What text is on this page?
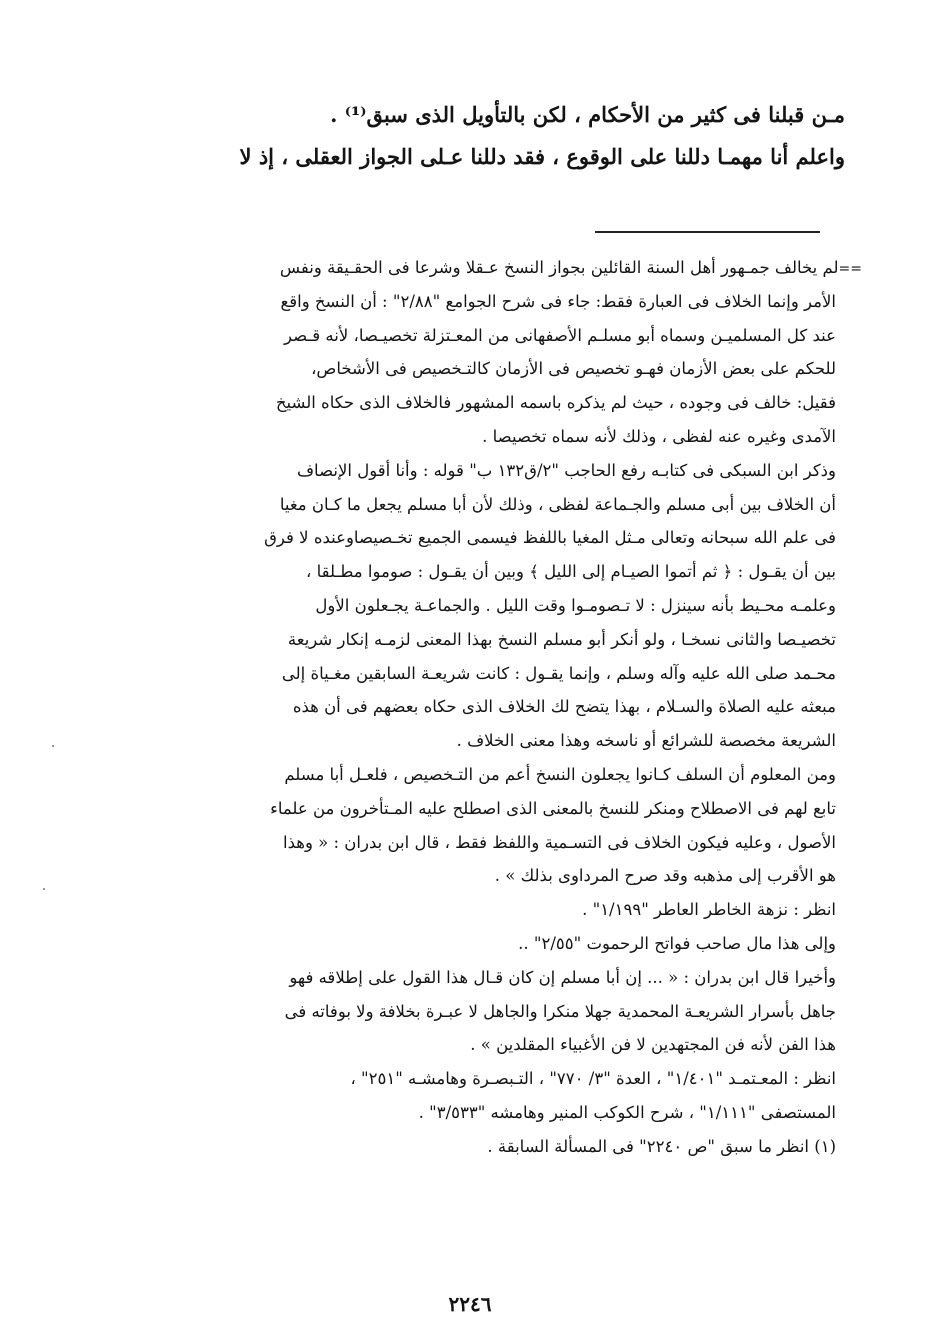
مـن قبلنا فى كثير من الأحكام ، لكن بالتأويل الذى سبق⁽¹⁾ .
واعلم أنا مهمـا دللنا على الوقوع ، فقد دللنا عـلى الجواز العقلى ، إذ لا
==لم يخالف جمـهور أهل السنة القائلين بجواز النسخ عـقلا وشرعا فى الحقـيقة ونفس
الأمر وإنما الخلاف فى العبارة فقط: جاء فى شرح الجوامع "٢/٨٨" : أن النسخ واقع
عند كل المسلميـن وسماه أبو مسلـم الأصفهانى من المعـتزلة تخصيـصا، لأنه قـصر
للحكم على بعض الأزمان فهـو تخصيص فى الأزمان كالتـخصيص فى الأشخاص،
فقيل: خالف فى وجوده ، حيث لم يذكره باسمه المشهور فالخلاف الذى حكاه الشيخ
الآمدى وغيره عنه لفظى ، وذلك لأنه سماه تخصيصا .
وذكر ابن السبكى فى كتابـه رفع الحاجب "٢/ق١٣٢ ب" قوله : وأنا أقول الإنصاف
أن الخلاف بين أبى مسلم والجـماعة لفظى ، وذلك لأن أبا مسلم يجعل ما كـان مغيا
فى علم الله سبحانه وتعالى مـثل المغيا باللفظ فيسمى الجميع تخـصيصاوعنده لا فرق
بين أن يقـول : ﴿ ثم أتموا الصيـام إلى الليل ﴾ وبين أن يقـول : صوموا مطـلقا ،
وعلمـه محـيط بأنه سينزل : لا تـصومـوا وقت الليل . والجماعـة يجـعلون الأول
تخصيـصا والثانى نسخـا ، ولو أنكر أبو مسلم النسخ بهذا المعنى لزمـه إنكار شريعة
محـمد صلى الله عليه وآله وسلم ، وإنما يقـول : كانت شريعـة السابقين مغـياة إلى
مبعثه عليه الصلاة والسـلام ، بهذا يتضح لك الخلاف الذى حكاه بعضهم فى أن هذه
الشريعة مخصصة للشرائع أو ناسخه وهذا معنى الخلاف .
ومن المعلوم أن السلف كـانوا يجعلون النسخ أعم من التـخصيص ، فلعـل أبا مسلم
تابع لهم فى الاصطلاح ومنكر للنسخ بالمعنى الذى اصطلح عليه المـتأخرون من علماء
الأصول ، وعليه فيكون الخلاف فى التسـمية واللفظ فقط ، قال ابن بدران : « وهذا
هو الأقرب إلى مذهبه وقد صرح المرداوى بذلك » .
انظر : نزهة الخاطر العاطر "١/١٩٩" .
وإلى هذا مال صاحب فواتح الرحموت "٢/٥٥" ..
وأخيرا قال ابن بدران : « ... إن أبا مسلم إن كان قـال هذا القول على إطلاقه فهو
جاهل بأسرار الشريعـة المحمدية جهلا منكرا والجاهل لا عبـرة بخلافة ولا بوفاته فى
هذا الفن لأنه فن المجتهدين لا فن الأغبياء المقلدين » .
انظر : المعـتمـد "١/٤٠١" ، العدة "٣/ ٧٧٠" ، التـبصـرة وهامشـه "٢٥١" ،
المستصفى "١/١١١" ، شرح الكوكب المنير وهامشه "٣/٥٣٣" .
(١) انظر ما سبق "ص ٢٢٤٠" فى المسألة السابقة .
٢٢٤٦
